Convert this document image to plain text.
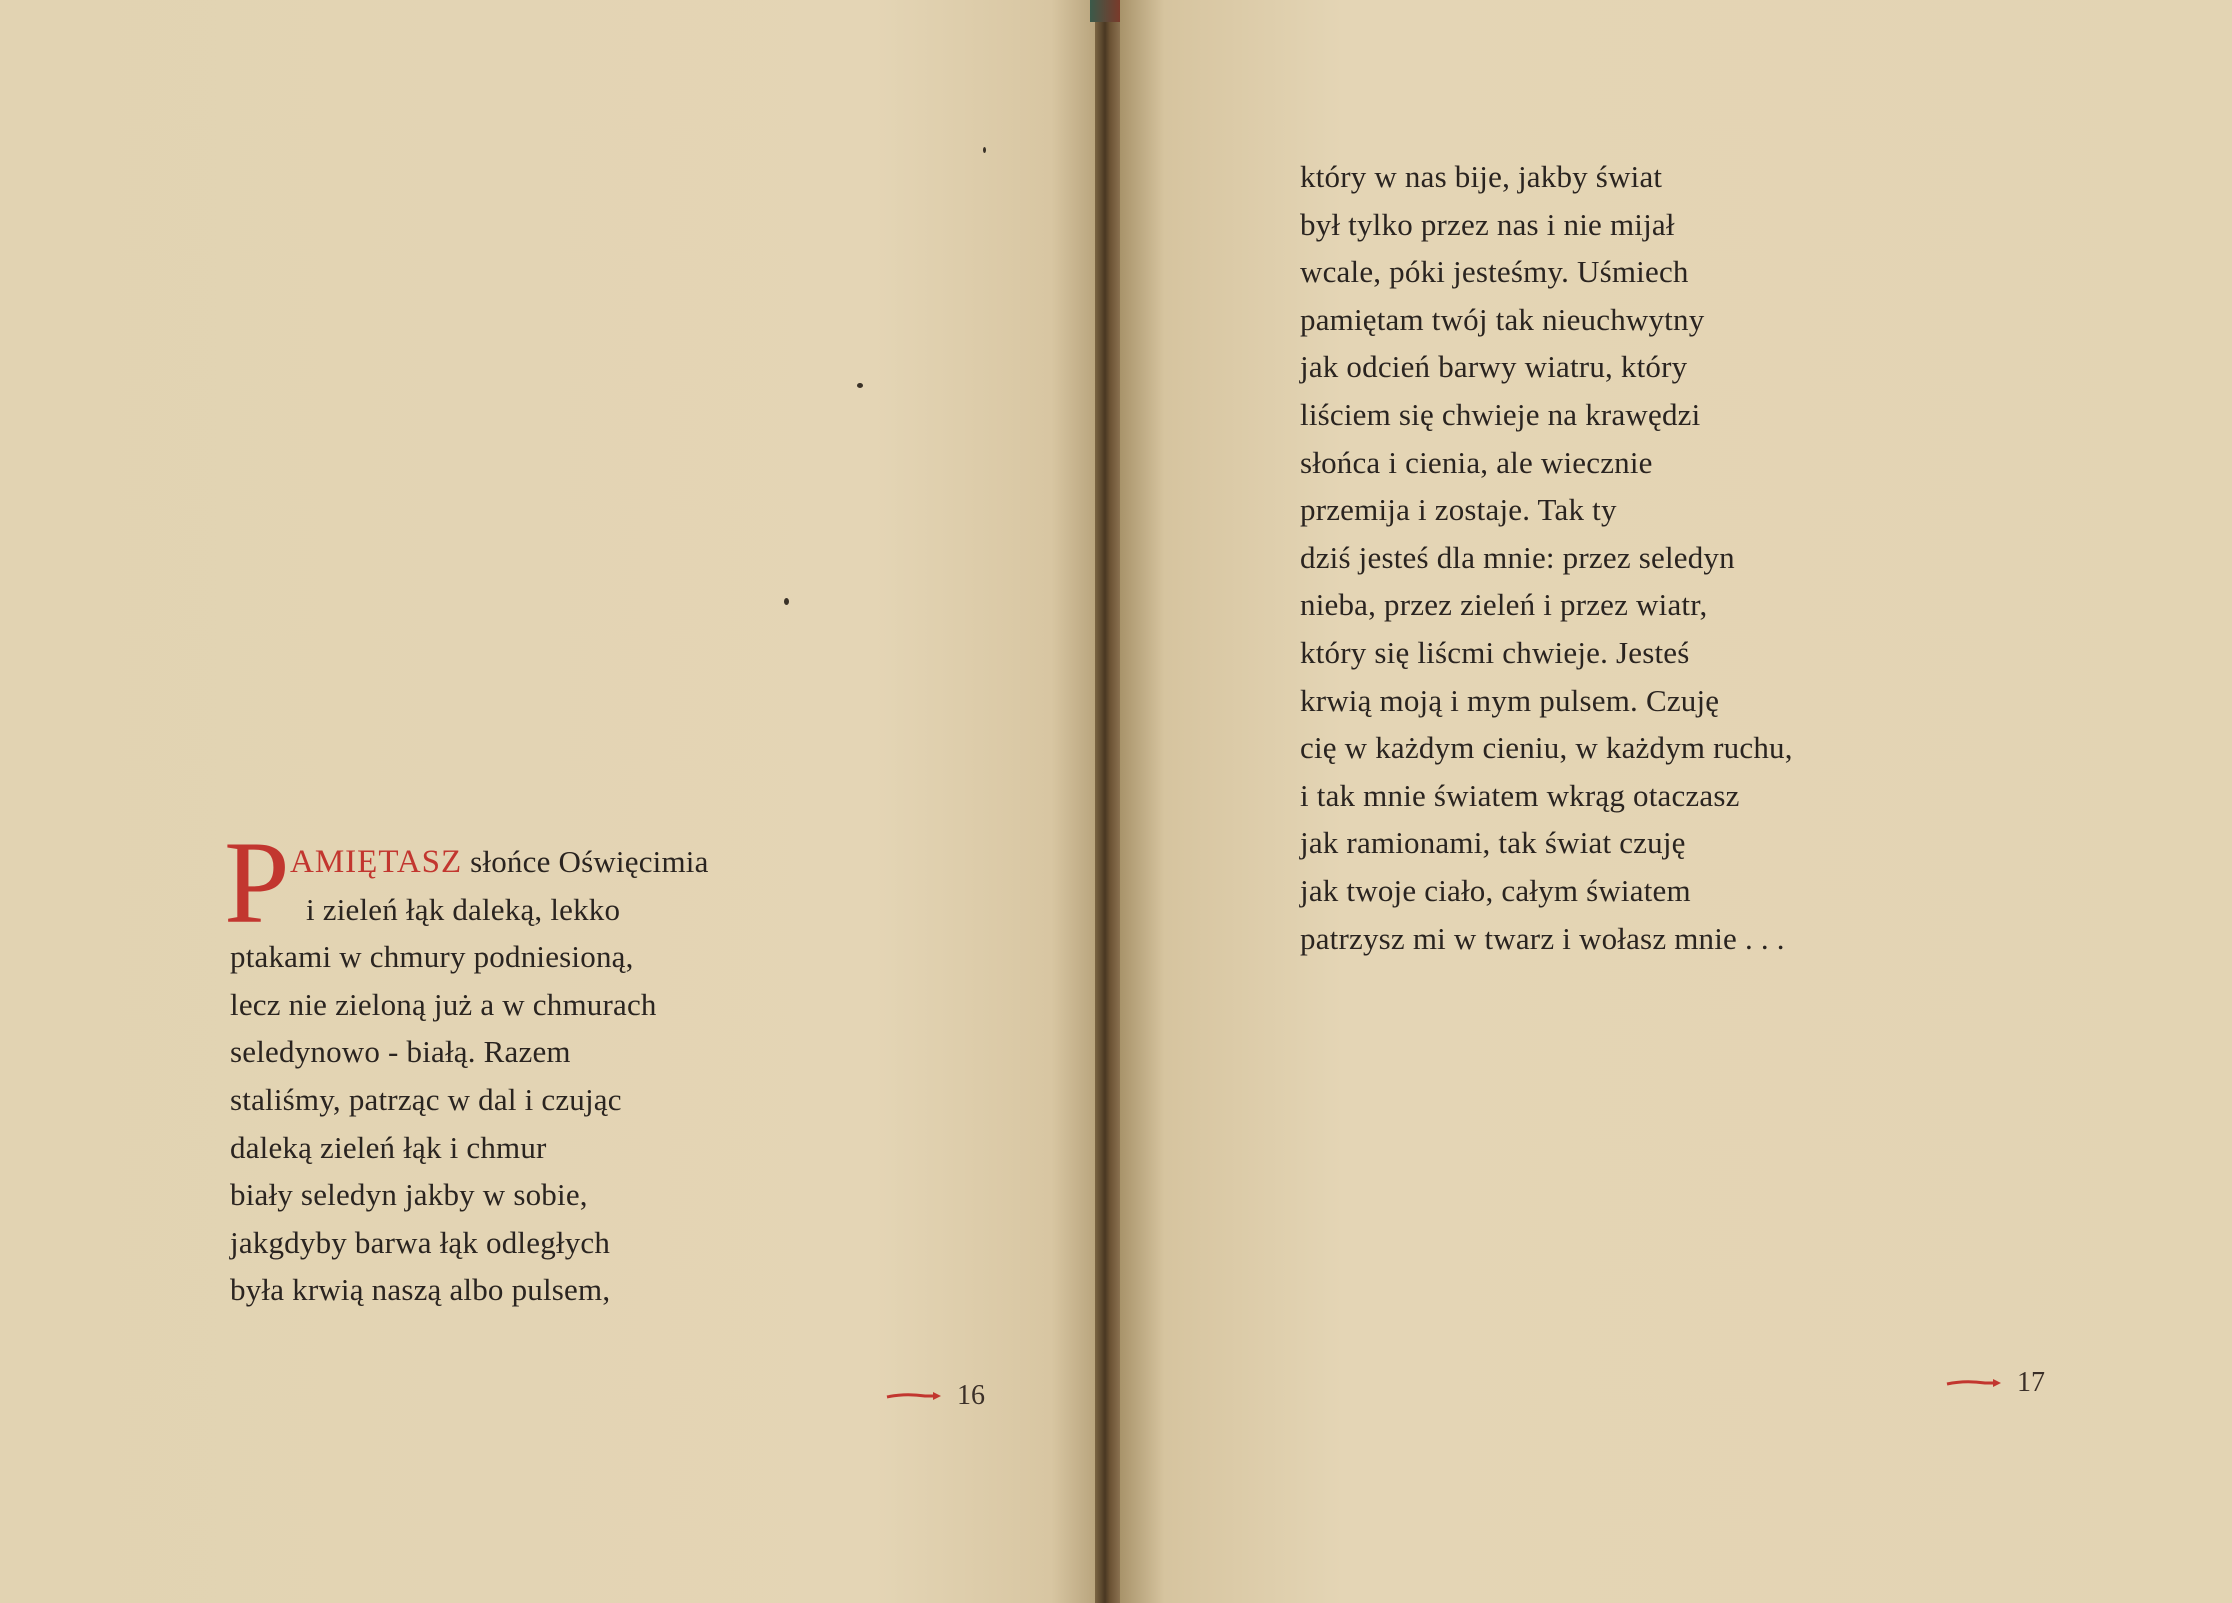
P AMIĘTASZ słońce Oświęcimia
i zieleń łąk daleką, lekko
ptakami w chmury podniesioną,
lecz nie zieloną już a w chmurach
seledynowo - białą. Razem
staliśmy, patrząc w dal i czując
daleką zieleń łąk i chmur
biały seledyn jakby w sobie,
jakgdyby barwa łąk odległych
była krwią naszą albo pulsem,
16
który w nas bije, jakby świat
był tylko przez nas i nie mijał
wcale, póki jesteśmy. Uśmiech
pamiętam twój tak nieuchwytny
jak odcień barwy wiatru, który
liściem się chwieje na krawędzi
słońca i cienia, ale wiecznie
przemija i zostaje. Tak ty
dziś jesteś dla mnie: przez seledyn
nieba, przez zieleń i przez wiatr,
który się liścmi chwieje. Jesteś
krwią moją i mym pulsem. Czuję
cię w każdym cieniu, w każdym ruchu,
i tak mnie światem wkrąg otaczasz
jak ramionami, tak świat czuję
jak twoje ciało, całym światem
patrzysz mi w twarz i wołasz mnie . . .
17
